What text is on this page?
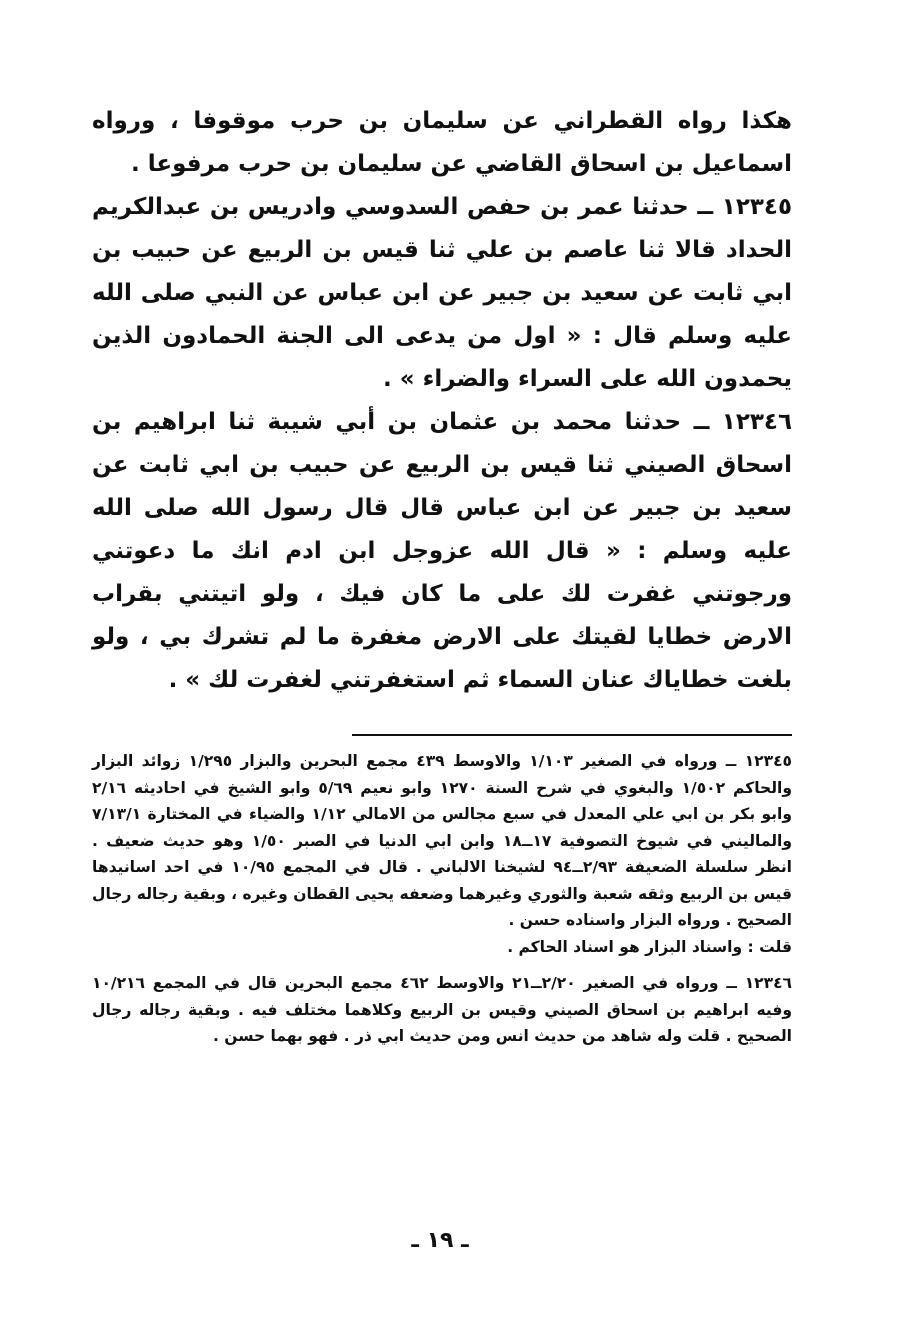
هكذا رواه القطراني عن سليمان بن حرب موقوفا ، ورواه اسماعيل بن اسحاق القاضي عن سليمان بن حرب مرفوعا .

١٢٣٤٥ ــ حدثنا عمر بن حفص السدوسي وادريس بن عبدالكريم الحداد قالا ثنا عاصم بن علي ثنا قيس بن الربيع عن حبيب بن ابي ثابت عن سعيد بن جبير عن ابن عباس عن النبي صلى الله عليه وسلم قال : « اول من يدعى الى الجنة الحمادون الذين يحمدون الله على السراء والضراء » .

١٢٣٤٦ ــ حدثنا محمد بن عثمان بن أبي شيبة ثنا ابراهيم بن اسحاق الصيني ثنا قيس بن الربيع عن حبيب بن ابي ثابت عن سعيد بن جبير عن ابن عباس قال قال رسول الله صلى الله عليه وسلم : « قال الله عزوجل ابن ادم انك ما دعوتني ورجوتني غفرت لك على ما كان فيك ، ولو اتيتني بقراب الارض خطايا لقيتك على الارض مغفرة ما لم تشرك بي ، ولو بلغت خطاياك عنان السماء ثم استغفرتني لغفرت لك » .

١٢٣٤٥ ــ ورواه في الصغير ١/١٠٣ والاوسط ٤٣٩ مجمع البحرين والبزار ١/٢٩٥ زوائد البزار والحاكم ١/٥٠٢ والبغوي في شرح السنة ١٢٧٠ وابو نعيم ٥/٦٩ وابو الشيخ في احاديثه ٢/١٦ وابو بكر بن ابي علي المعدل في سبع مجالس من الامالي ١/١٢ والضياء في المختارة ٧/١٣/١ والماليني في شيوخ التصوفية ١٧ــ١٨ وابن ابي الدنيا في الصبر ١/٥٠ وهو حديث ضعيف . انظر سلسلة الضعيفة ٢/٩٣ــ٩٤ لشيخنا الالباني . قال في المجمع ١٠/٩٥ في احد اسانيدها قيس بن الربيع وثقه شعبة والثوري وغيرهما وضعفه يحيى القطان وغيره ، وبقية رجاله رجال الصحيح . ورواه البزار واسناده حسن .

قلت : واسناد البزار هو اسناد الحاكم .

١٢٣٤٦ ــ ورواه في الصغير ٢/٢٠ــ٢١ والاوسط ٤٦٢ مجمع البحرين قال في المجمع ١٠/٢١٦ وفيه ابراهيم بن اسحاق الصيني وقيس بن الربيع وكلاهما مختلف فيه . وبقية رجاله رجال الصحيح . قلت وله شاهد من حديث انس ومن حديث ابي ذر . فهو بهما حسن .

ـ ١٩ ـ
